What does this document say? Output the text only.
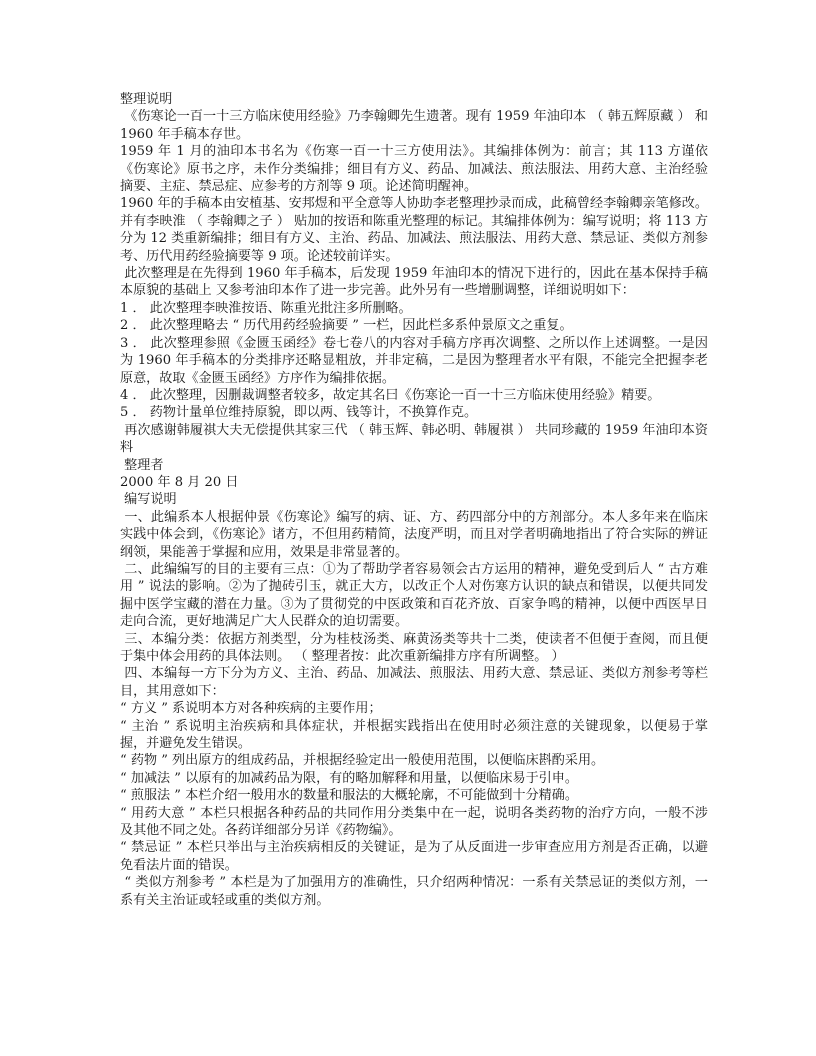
整理说明

《伤寒论一百一十三方临床使用经验》乃李翰卿先生遗著。现有 1959 年油印本 （ 韩五辉原藏 ） 和 1960 年手稿本存世。

1959 年 1 月的油印本书名为《伤寒一百一十三方使用法》。其编排体例为：前言；其 113 方谨依《伤寒论》原书之序，未作分类编排；细目有方义、药品、加减法、煎法服法、用药大意、主治经验摘要、主症、禁忌症、应参考的方剂等 9 项。论述简明醒神。

1960 年的手稿本由安植基、安邦煜和平全意等人协助李老整理抄录而成，此稿曾经李翰卿亲笔修改。并有李映淮 （ 李翰卿之子 ） 贴加的按语和陈重光整理的标记。其编排体例为：编写说明；将 113 方分为 12 类重新编排；细目有方义、主治、药品、加减法、煎法服法、用药大意、禁忌证、类似方剂参考、历代用药经验摘要等 9 项。论述较前详实。

此次整理是在先得到 1960 年手稿本，后发现 1959 年油印本的情况下进行的，因此在基本保持手稿本原貌的基础上 又参考油印本作了进一步完善。此外另有一些增删调整，详细说明如下：

1 ． 此次整理李映淮按语、陈重光批注多所删略。

2 ． 此次整理略去 “ 历代用药经验摘要 ” 一栏，因此栏多系仲景原文之重复。

3 ． 此次整理参照《金匮玉函经》卷七卷八的内容对手稿方序再次调整、之所以作上述调整。一是因为 1960 年手稿本的分类排序还略显粗放，并非定稿，二是因为整理者水平有限，不能完全把握李老原意，故取《金匮玉函经》方序作为编排依据。

4 ． 此次整理，因删裁调整者较多，故定其名曰《伤寒论一百一十三方临床使用经验》精要。

5 ． 药物计量单位维持原貌，即以两、钱等计，不换算作克。

再次感谢韩履祺大夫无偿提供其家三代 （ 韩玉辉、韩必明、韩履祺 ） 共同珍藏的 1959 年油印本资料

整理者

2000 年 8 月 20 日

编写说明

一、此编系本人根据仲景《伤寒论》编写的病、证、方、药四部分中的方剂部分。本人多年来在临床实践中体会到，《伤寒论》诸方，不但用药精简，法度严明，而且对学者明确地指出了符合实际的辨证纲领，果能善于掌握和应用，效果是非常显著的。

二、此编编写的目的主要有三点：①为了帮助学者容易领会古方运用的精神，避免受到后人 “ 古方难用 ” 说法的影响。②为了抛砖引玉，就正大方，以改正个人对伤寒方认识的缺点和错误，以便共同发掘中医学宝藏的潜在力量。③为了贯彻党的中医政策和百花齐放、百家争鸣的精神，以便中西医早日走向合流，更好地满足广大人民群众的迫切需要。

三、本编分类：依据方剂类型，分为桂枝汤类、麻黄汤类等共十二类，使读者不但便于查阅，而且便于集中体会用药的具体法则。 （ 整理者按：此次重新编排方序有所调整。 ）

四、本编每一方下分为方义、主治、药品、加减法、煎服法、用药大意、禁忌证、类似方剂参考等栏目，其用意如下：

“ 方义 ” 系说明本方对各种疾病的主要作用；

“ 主治 ” 系说明主治疾病和具体症状，并根据实践指出在使用时必须注意的关键现象，以便易于掌握，并避免发生错误。

“ 药物 ” 列出原方的组成药品，并根据经验定出一般使用范围，以便临床斟酌采用。

“ 加减法 ” 以原有的加减药品为限，有的略加解释和用量，以便临床易于引申。

“ 煎服法 ” 本栏介绍一般用水的数量和服法的大概轮廓，不可能做到十分精确。

“ 用药大意 ” 本栏只根据各种药品的共同作用分类集中在一起，说明各类药物的治疗方向，一般不涉及其他不同之处。各药详细部分另详《药物编》。

“ 禁忌证 ” 本栏只举出与主治疾病相反的关键证，是为了从反面进一步审查应用方剂是否正确，以避免看法片面的错误。

“ 类似方剂参考 ” 本栏是为了加强用方的准确性，只介绍两种情况：一系有关禁忌证的类似方剂，一系有关主治证或轻或重的类似方剂。
